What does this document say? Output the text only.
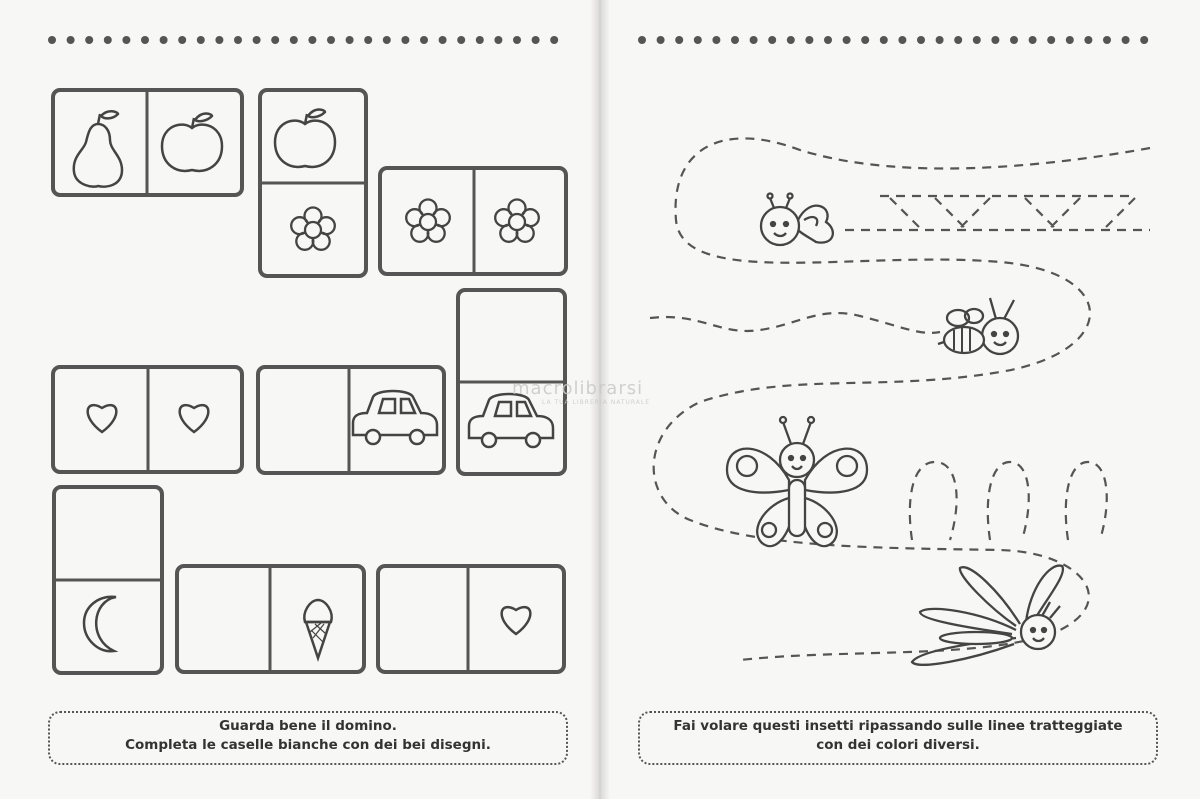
macrolibrarsi
LA TUA LIBRERIA NATURALE
Guarda bene il domino.
Completa le caselle bianche con dei bei disegni.
Fai volare questi insetti ripassando sulle linee tratteggiate
con dei colori diversi.
